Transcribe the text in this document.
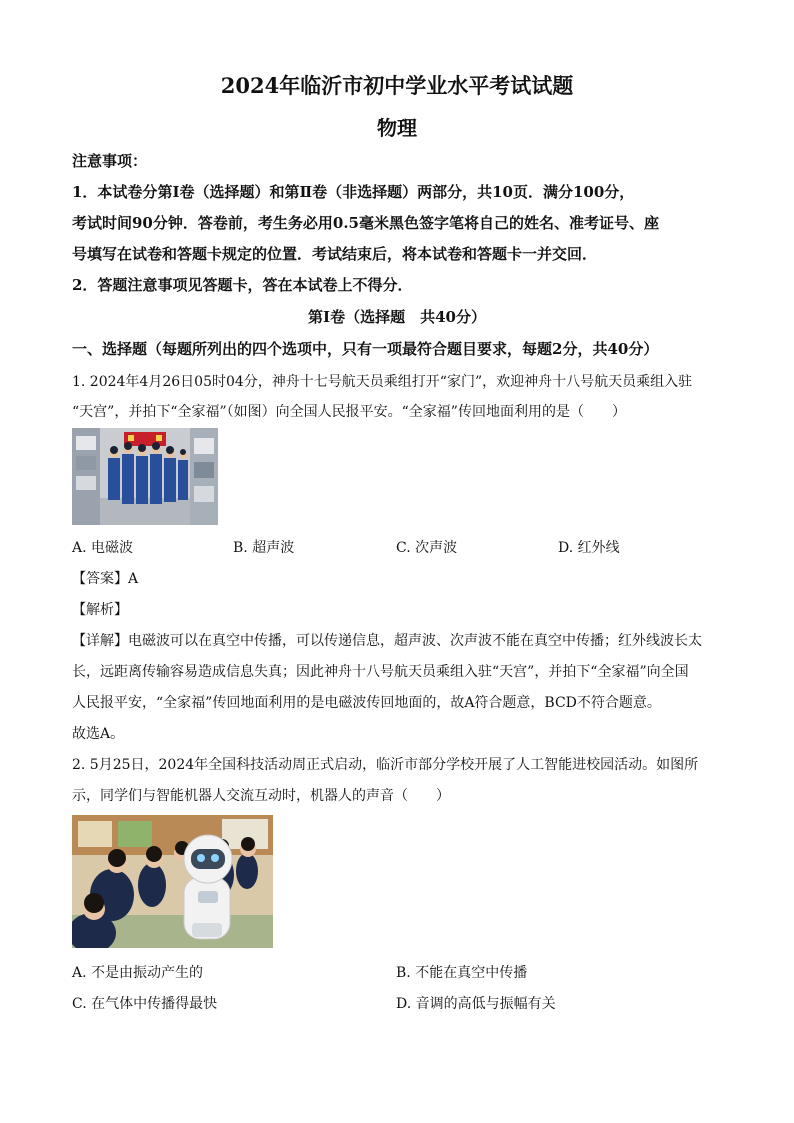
2024年临沂市初中学业水平考试试题
物理
注意事项：
1．本试卷分第Ⅰ卷（选择题）和第Ⅱ卷（非选择题）两部分，共10页．满分100分，
考试时间90分钟．答卷前，考生务必用0.5毫米黑色签字笔将自己的姓名、准考证号、座
号填写在试卷和答题卡规定的位置．考试结束后，将本试卷和答题卡一并交回．
2．答题注意事项见答题卡，答在本试卷上不得分．
第Ⅰ卷（选择题　共40分）
一、选择题（每题所列出的四个选项中，只有一项最符合题目要求，每题2分，共40分）
1. 2024年4月26日05时04分，神舟十七号航天员乘组打开“家门”，欢迎神舟十八号航天员乘组入驻
“天宫”，并拍下“全家福”（如图）向全国人民报平安。“全家福”传回地面利用的是（　　）
A. 电磁波	B. 超声波	C. 次声波	D. 红外线
【答案】A
【解析】
【详解】电磁波可以在真空中传播，可以传递信息，超声波、次声波不能在真空中传播；红外线波长太
长，远距离传输容易造成信息失真；因此神舟十八号航天员乘组入驻“天宫”，并拍下“全家福”向全国
人民报平安，“全家福”传回地面利用的是电磁波传回地面的，故A符合题意，BCD不符合题意。
故选A。
2. 5月25日，2024年全国科技活动周正式启动，临沂市部分学校开展了人工智能进校园活动。如图所
示，同学们与智能机器人交流互动时，机器人的声音（　　）
A. 不是由振动产生的	B. 不能在真空中传播
C. 在气体中传播得最快	D. 音调的高低与振幅有关
